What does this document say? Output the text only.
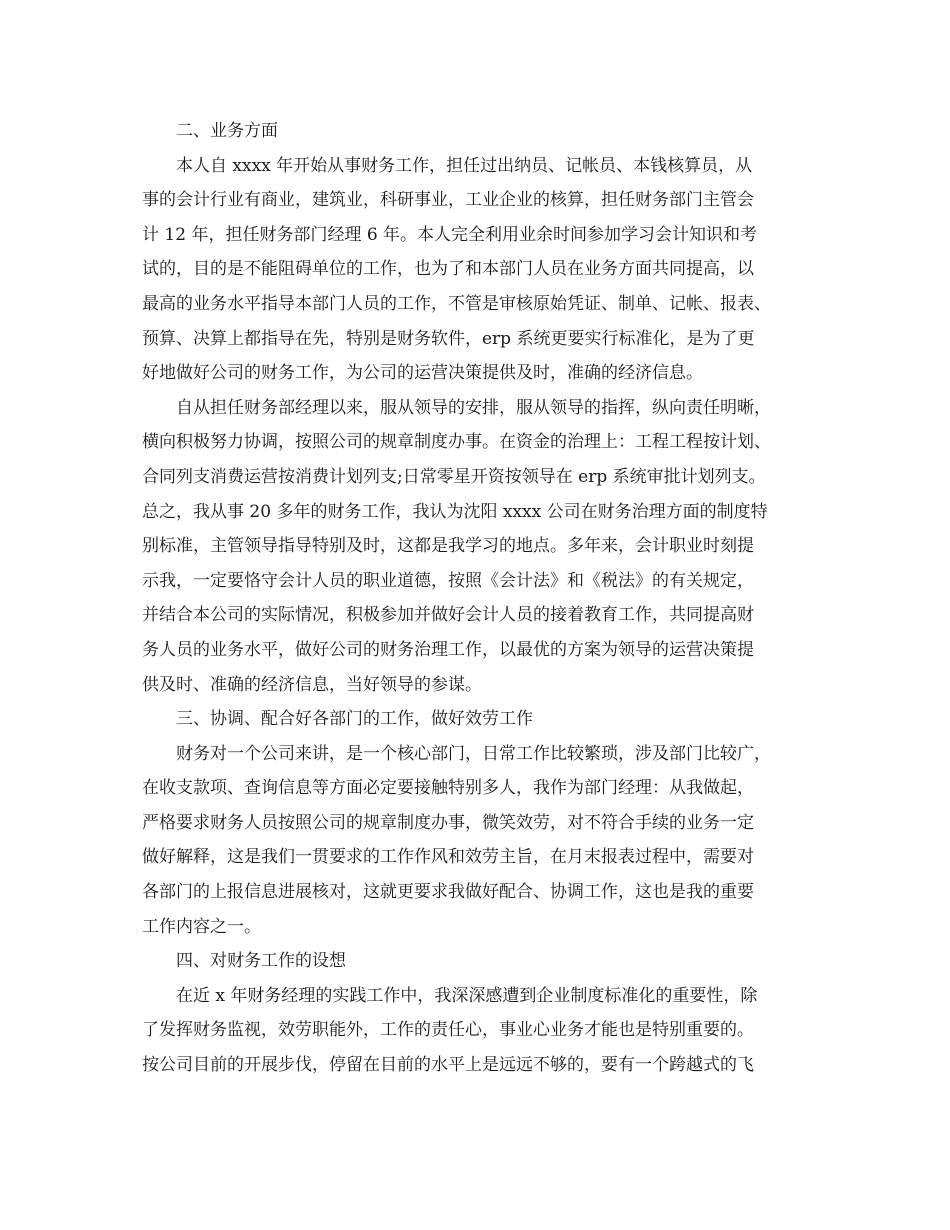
二、业务方面
本人自 xxxx 年开始从事财务工作，担任过出纳员、记帐员、本钱核算员，从
事的会计行业有商业，建筑业，科研事业，工业企业的核算，担任财务部门主管会
计 12 年，担任财务部门经理 6 年。本人完全利用业余时间参加学习会计知识和考
试的，目的是不能阻碍单位的工作，也为了和本部门人员在业务方面共同提高，以
最高的业务水平指导本部门人员的工作，不管是审核原始凭证、制单、记帐、报表、
预算、决算上都指导在先，特别是财务软件，erp 系统更要实行标准化，是为了更
好地做好公司的财务工作，为公司的运营决策提供及时，准确的经济信息。
自从担任财务部经理以来，服从领导的安排，服从领导的指挥，纵向责任明晰，
横向积极努力协调，按照公司的规章制度办事。在资金的治理上：工程工程按计划、
合同列支消费运营按消费计划列支;日常零星开资按领导在 erp 系统审批计划列支。
总之，我从事 20 多年的财务工作，我认为沈阳 xxxx 公司在财务治理方面的制度特
别标准，主管领导指导特别及时，这都是我学习的地点。多年来，会计职业时刻提
示我，一定要恪守会计人员的职业道德，按照《会计法》和《税法》的有关规定，
并结合本公司的实际情况，积极参加并做好会计人员的接着教育工作，共同提高财
务人员的业务水平，做好公司的财务治理工作，以最优的方案为领导的运营决策提
供及时、准确的经济信息，当好领导的参谋。
三、协调、配合好各部门的工作，做好效劳工作
财务对一个公司来讲，是一个核心部门，日常工作比较繁琐，涉及部门比较广，
在收支款项、查询信息等方面必定要接触特别多人，我作为部门经理：从我做起，
严格要求财务人员按照公司的规章制度办事，微笑效劳，对不符合手续的业务一定
做好解释，这是我们一贯要求的工作作风和效劳主旨，在月末报表过程中，需要对
各部门的上报信息进展核对，这就更要求我做好配合、协调工作，这也是我的重要
工作内容之一。
四、对财务工作的设想
在近 x 年财务经理的实践工作中，我深深感遭到企业制度标准化的重要性，除
了发挥财务监视，效劳职能外，工作的责任心，事业心业务才能也是特别重要的。
按公司目前的开展步伐，停留在目前的水平上是远远不够的，要有一个跨越式的飞
